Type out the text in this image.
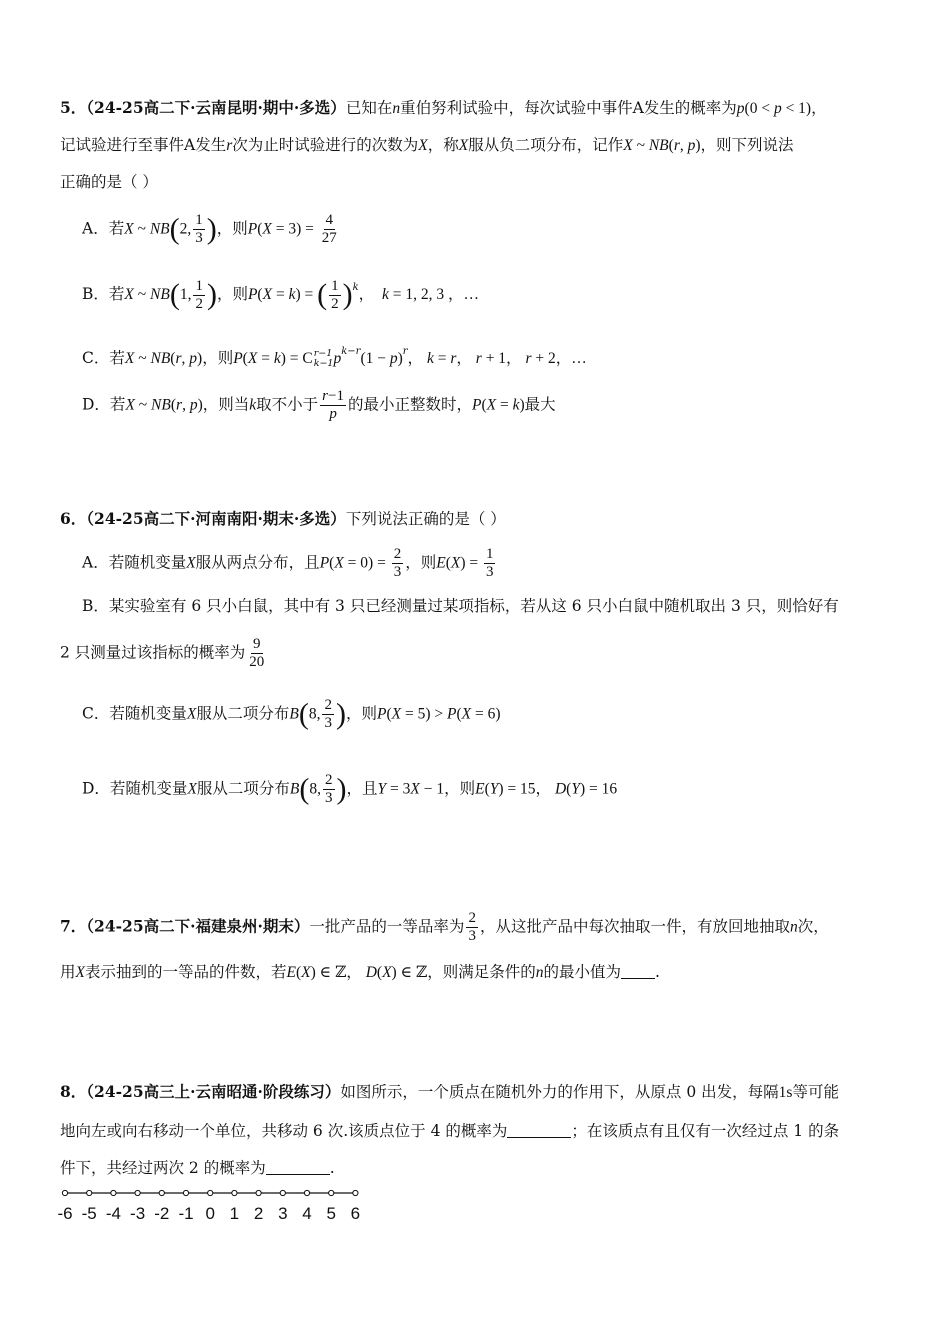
5．（24-25高二下·云南昆明·期中·多选）已知在n重伯努利试验中，每次试验中事件A发生的概率为p(0 < p < 1)，
记试验进行至事件A发生r次为止时试验进行的次数为X，称X服从负二项分布，记作X ~ NB(r, p)，则下列说法
正确的是（ ）
A．若X ~ NB(2, $\frac{1}{3}$ )，则$P(X = 3) = \frac{4}{27}$
B．若X ~ NB(1, $\frac{1}{2}$ )，则P(X = k) = ( $\frac{1}{2} )^k$，  k = 1, 2, 3 ，…
C．若X ~ NB(r, p)，则P(X = k) = C r−1
k−1 $p^{k-r}(1 - p)^r$， k = r， r + 1， r + 2，…
D．若X ~ NB(r, p)，则当k取不小于 $\frac{r-1}{p}$ 的最小正整数时，P(X = k)最大
6．（24-25高二下·河南南阳·期末·多选）下列说法正确的是（ ）
A．若随机变量X服从两点分布，且$P(X = 0) = \frac{2}{3}$ ，则$E(X) = \frac{1}{3}$
B．某实验室有 6 只小白鼠，其中有 3 只已经测量过某项指标，若从这 6 只小白鼠中随机取出 3 只，则恰好有
2 只测量过该指标的概率为 $\frac{9}{20}$
C．若随机变量X服从二项分布B(8, $\frac{2}{3}$ )，则P(X = 5) > P(X = 6)
D．若随机变量X服从二项分布B(8, $\frac{2}{3}$ )，且Y = 3X − 1，则E(Y) = 15， D(Y) = 16
7．（24-25高二下·福建泉州·期末）一批产品的一等品率为 $\frac{2}{3}$ ，从这批产品中每次抽取一件，有放回地抽取n次，
用X表示抽到的一等品的件数，若E(X) ∈ ℤ， D(X) ∈ ℤ，则满足条件的n的最小值为 .
8．（24-25高三上·云南昭通·阶段练习）如图所示，一个质点在随机外力的作用下，从原点 0 出发，每隔1s等可能
地向左或向右移动一个单位，共移动 6 次.该质点位于 4 的概率为	；在该质点有且仅有一次经过点 1 的条
件下，共经过两次 2 的概率为	.
-6 -5 -4 -3 -2 -1 0 1 2 3 4 5 6
